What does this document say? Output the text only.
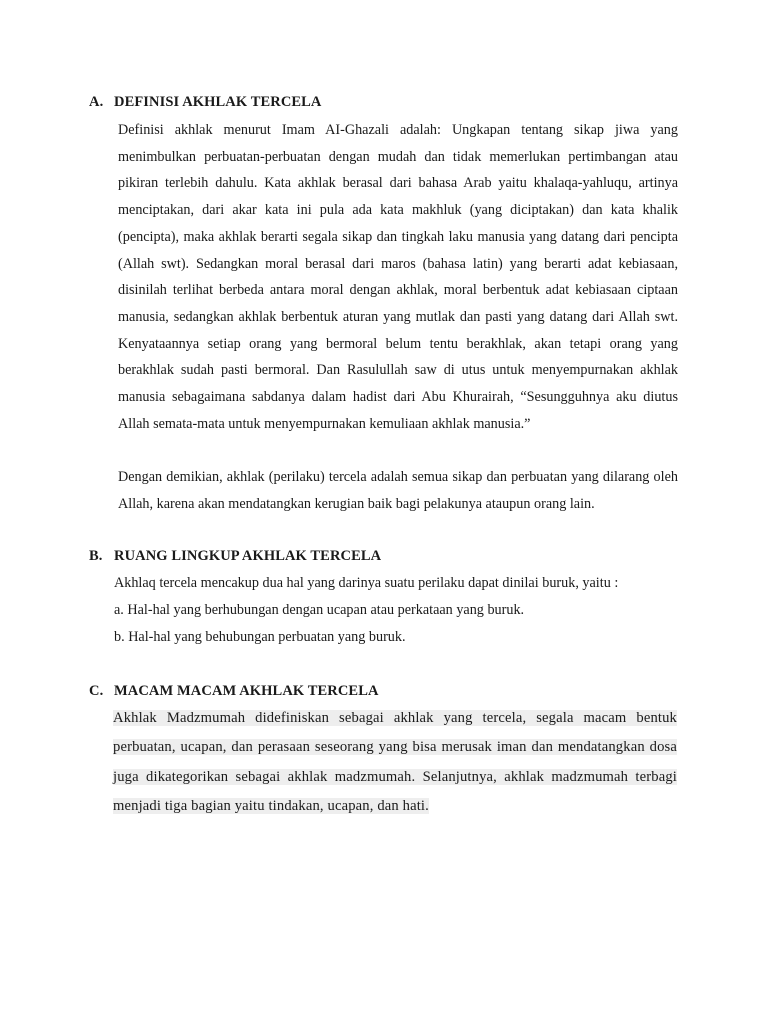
A. DEFINISI AKHLAK TERCELA

Definisi akhlak menurut Imam AI-Ghazali adalah: Ungkapan tentang sikap jiwa yang menimbulkan perbuatan-perbuatan dengan mudah dan tidak memerlukan pertimbangan atau pikiran terlebih dahulu. Kata akhlak berasal dari bahasa Arab yaitu khalaqa-yahluqu, artinya menciptakan, dari akar kata ini pula ada kata makhluk (yang diciptakan) dan kata khalik (pencipta), maka akhlak berarti segala sikap dan tingkah laku manusia yang datang dari pencipta (Allah swt). Sedangkan moral berasal dari maros (bahasa latin) yang berarti adat kebiasaan, disinilah terlihat berbeda antara moral dengan akhlak, moral berbentuk adat kebiasaan ciptaan manusia, sedangkan akhlak berbentuk aturan yang mutlak dan pasti yang datang dari Allah swt. Kenyataannya setiap orang yang bermoral belum tentu berakhlak, akan tetapi orang yang berakhlak sudah pasti bermoral. Dan Rasulullah saw di utus untuk menyempurnakan akhlak manusia sebagaimana sabdanya dalam hadist dari Abu Khurairah, “Sesungguhnya aku diutus Allah semata-mata untuk menyempurnakan kemuliaan akhlak manusia.”

Dengan demikian, akhlak (perilaku) tercela adalah semua sikap dan perbuatan yang dilarang oleh Allah, karena akan mendatangkan kerugian baik bagi pelakunya ataupun orang lain.

B. RUANG LINGKUP AKHLAK TERCELA

Akhlaq tercela mencakup dua hal yang darinya suatu perilaku dapat dinilai buruk, yaitu :

a. Hal-hal yang berhubungan dengan ucapan atau perkataan yang buruk.

b. Hal-hal yang behubungan perbuatan yang buruk.

C. MACAM MACAM AKHLAK TERCELA

Akhlak Madzmumah didefiniskan sebagai akhlak yang tercela, segala macam bentuk perbuatan, ucapan, dan perasaan seseorang yang bisa merusak iman dan mendatangkan dosa juga dikategorikan sebagai akhlak madzmumah. Selanjutnya, akhlak madzmumah terbagi menjadi tiga bagian yaitu tindakan, ucapan, dan hati.
